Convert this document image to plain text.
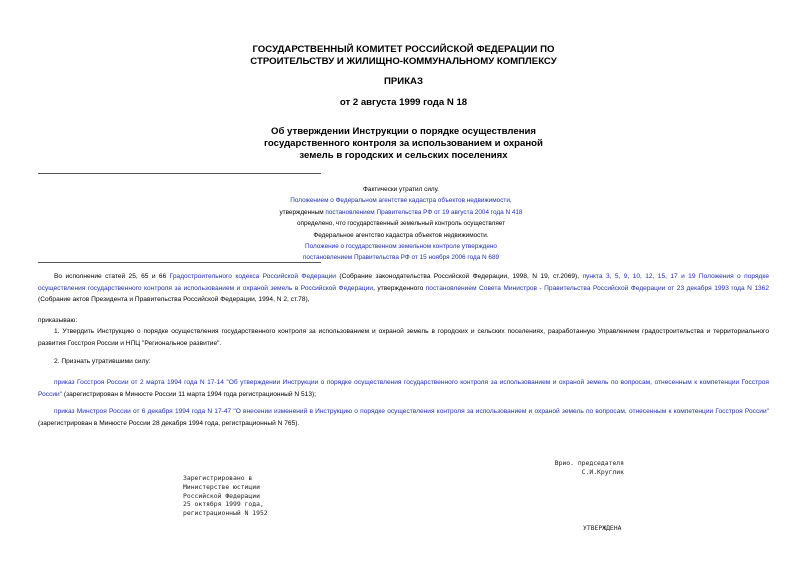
ГОСУДАРСТВЕННЫЙ КОМИТЕТ РОССИЙСКОЙ ФЕДЕРАЦИИ ПО
СТРОИТЕЛЬСТВУ И ЖИЛИЩНО-КОММУНАЛЬНОМУ КОМПЛЕКСУ
ПРИКАЗ
от 2 августа 1999 года N 18
Об утверждении Инструкции о порядке осуществления
государственного контроля за использованием и охраной
земель в городских и сельских поселениях
Фактически утратил силу.
Положением о Федеральном агентстве кадастра объектов недвижимости,
утвержденным постановлением Правительства РФ от 19 августа 2004 года N 418
определено, что государственный земельный контроль осуществляет
Федеральное агентство кадастра объектов недвижимости.
Положение о государственном земельном контроле утверждено
постановлением Правительства РФ от 15 ноября 2006 года N 689
Во исполнение статей 25, 65 и 66 Градостроительного кодекса Российской Федерации (Собрание законодательства Российской Федерации, 1998, N 19, ст.2069), пункта 3, 5, 9, 10, 12, 15, 17 и 19 Положения о порядке осуществления государственного контроля за использованием и охраной земель в Российской Федерации, утвержденного постановлением Совета Министров - Правительства Российской Федерации от 23 декабря 1993 года N 1362 (Собрание актов Президента и Правительства Российской Федерации, 1994, N 2, ст.78),
приказываю:
1. Утвердить Инструкцию о порядке осуществления государственного контроля за использованием и охраной земель в городских и сельских поселениях, разработанную Управлением градостроительства и территориального развития Госстроя России и НПЦ "Региональное развитие".
2. Признать утратившими силу:
приказ Госстроя России от 2 марта 1994 года N 17-14 "Об утверждении Инструкции о порядке осуществления государственного контроля за использованием и охраной земель по вопросам, отнесенным к компетенции Госстроя России" (зарегистрирован в Минюсте России 11 марта 1994 года регистрационный N 513);
приказ Минстроя России от 6 декабря 1994 года N 17-47 "О внесении изменений в Инструкцию о порядке осуществления контроля за использованием и охраной земель по вопросам, отнесенным к компетенции Госстроя России" (зарегистрирован в Минюсте России 28 декабря 1994 года, регистрационный N 765).
Врио. председателя
С.И.Круглик
Зарегистрировано в
Министерстве юстиции
Российской Федерации
25 октября 1999 года,
регистрационный N 1952
УТВЕРЖДЕНА
